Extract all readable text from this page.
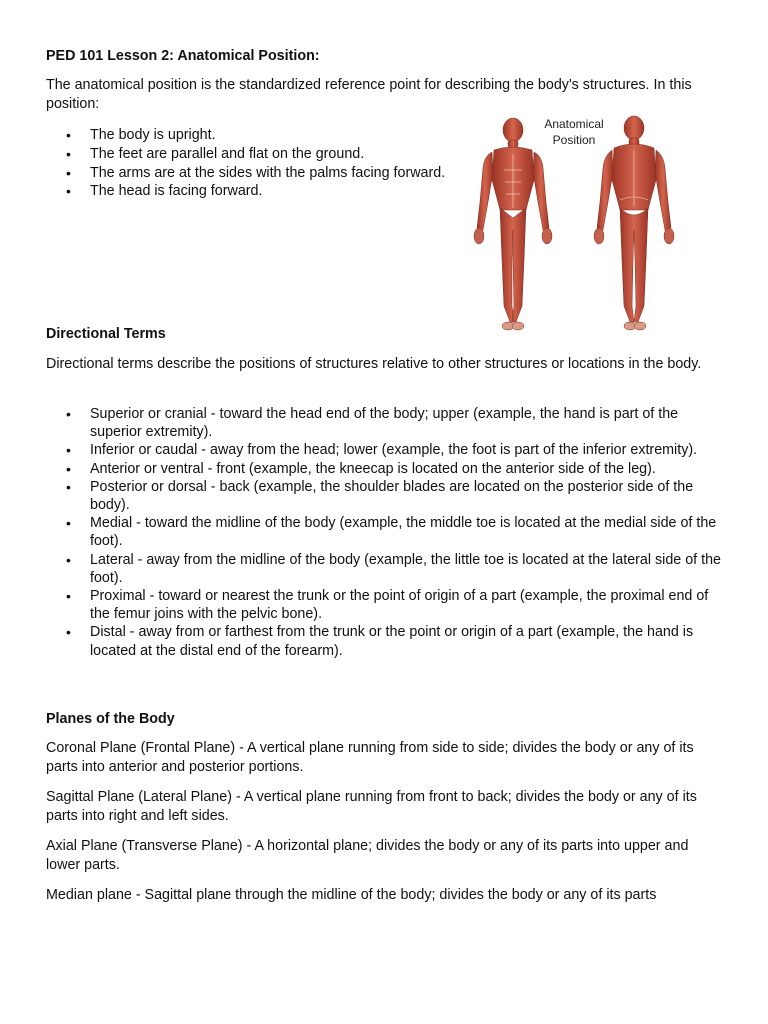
PED 101 Lesson 2: Anatomical Position:

The anatomical position is the standardized reference point for describing the body's structures. In this position:

• The body is upright.
• The feet are parallel and flat on the ground.
• The arms are at the sides with the palms facing forward.
• The head is facing forward.
Anatomical
Position
Directional Terms

Directional terms describe the positions of structures relative to other structures or locations in the body.

• Superior or cranial - toward the head end of the body; upper (example, the hand is part of the superior extremity).
• Inferior or caudal - away from the head; lower (example, the foot is part of the inferior extremity).
• Anterior or ventral - front (example, the kneecap is located on the anterior side of the leg).
• Posterior or dorsal - back (example, the shoulder blades are located on the posterior side of the body).
• Medial - toward the midline of the body (example, the middle toe is located at the medial side of the foot).
• Lateral - away from the midline of the body (example, the little toe is located at the lateral side of the foot).
• Proximal - toward or nearest the trunk or the point of origin of a part (example, the proximal end of the femur joins with the pelvic bone).
• Distal - away from or farthest from the trunk or the point or origin of a part (example, the hand is located at the distal end of the forearm).
Planes of the Body

Coronal Plane (Frontal Plane) - A vertical plane running from side to side; divides the body or any of its parts into anterior and posterior portions.

Sagittal Plane (Lateral Plane) - A vertical plane running from front to back; divides the body or any of its parts into right and left sides.

Axial Plane (Transverse Plane) - A horizontal plane; divides the body or any of its parts into upper and lower parts.

Median plane - Sagittal plane through the midline of the body; divides the body or any of its parts
